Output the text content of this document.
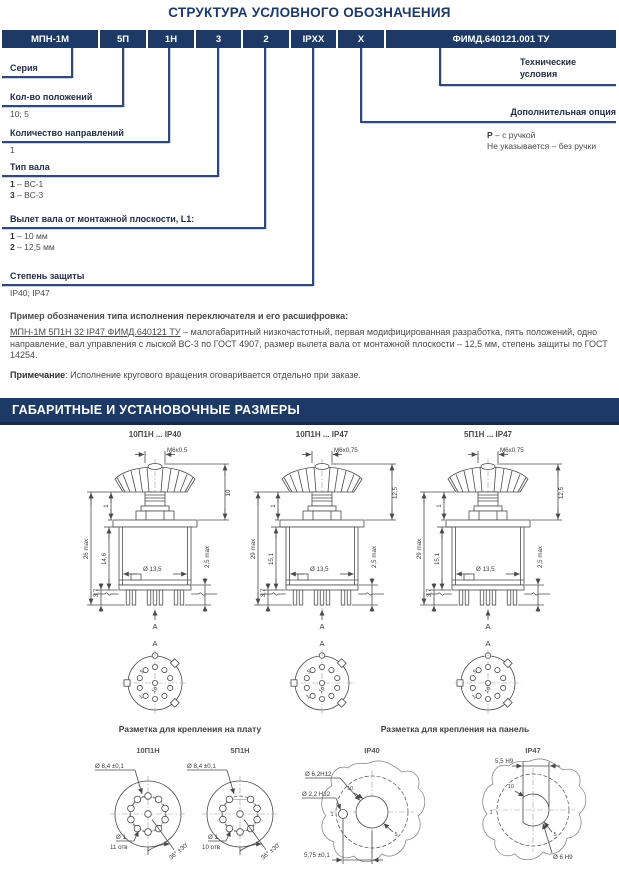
СТРУКТУРА УСЛОВНОГО ОБОЗНАЧЕНИЯ
МПН-1М	5П	1Н	3	2	IPXX	X	ФИМД.640121.001 ТУ
Серия
Кол-во положений
10; 5
Количество направлений
1
Тип вала
1 – ВС-1
3 – ВС-3
Вылет вала от монтажной плоскости, L1:
1 – 10 мм
2 – 12,5 мм
Степень защиты
IP40; IP47
Технические условия
Дополнительная опция
Р – с ручкой
Не указывается – без ручки
Пример обозначения типа исполнения переключателя и его расшифровка:
МПН-1М 5П1Н 32 IP47 ФИМД.640121 ТУ – малогабаритный низкочастотный, первая модифицированная разработка, пять положений, одно направление, вал управления с лыской ВС-3 по ГОСТ 4907, размер вылета вала от монтажной плоскости – 12,5 мм, степень защиты по ГОСТ 14254.
Примечание: Исполнение кругового вращения оговаривается отдельно при заказе.
ГАБАРИТНЫЕ И УСТАНОВОЧНЫЕ РАЗМЕРЫ
10П1Н ... IP40	10П1Н ... IP47	5П1Н ... IP47
M6x0,5
10
1
26 max 14,6
3,7
2,5 max
Ø 13,5
A
A
5
1
10
M6x0,75
12,5
1
29 max 15,1
3,7
2,5 max
Ø 13,5
A
A
5
1
10
M6x0,75
12,5
1
29 max 15,1
3,7
2,5 max
Ø 13,5
A
A
5
1
10
Разметка для крепления на плату	Разметка для крепления на панель
10П1Н	5П1Н	IP40	IP47
Ø 8,4 ±0,1
Ø 1
11 отв	36° ±30'
Ø 8,4 ±0,1
Ø 1
10 отв	36° ±30'
Ø 6,2H12
Ø 2,2 H12
5,75 ±0,1
10
1
5
5,5 H9
Ø 6 H9
10
1
5
